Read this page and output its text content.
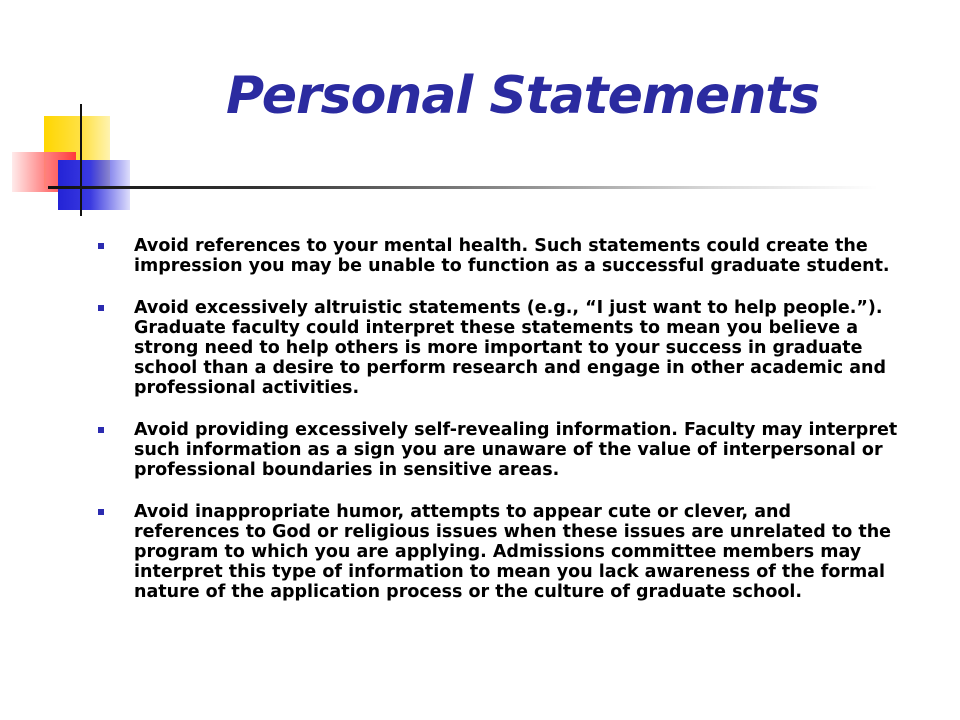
Personal Statements
Avoid references to your mental health. Such statements could create the impression you may be unable to function as a successful graduate student.
Avoid excessively altruistic statements (e.g., “I just want to help people.”). Graduate faculty could interpret these statements to mean you believe a strong need to help others is more important to your success in graduate school than a desire to perform research and engage in other academic and professional activities.
Avoid providing excessively self-revealing information. Faculty may interpret such information as a sign you are unaware of the value of interpersonal or professional boundaries in sensitive areas.
Avoid inappropriate humor, attempts to appear cute or clever, and references to God or religious issues when these issues are unrelated to the program to which you are applying. Admissions committee members may interpret this type of information to mean you lack awareness of the formal nature of the application process or the culture of graduate school.
